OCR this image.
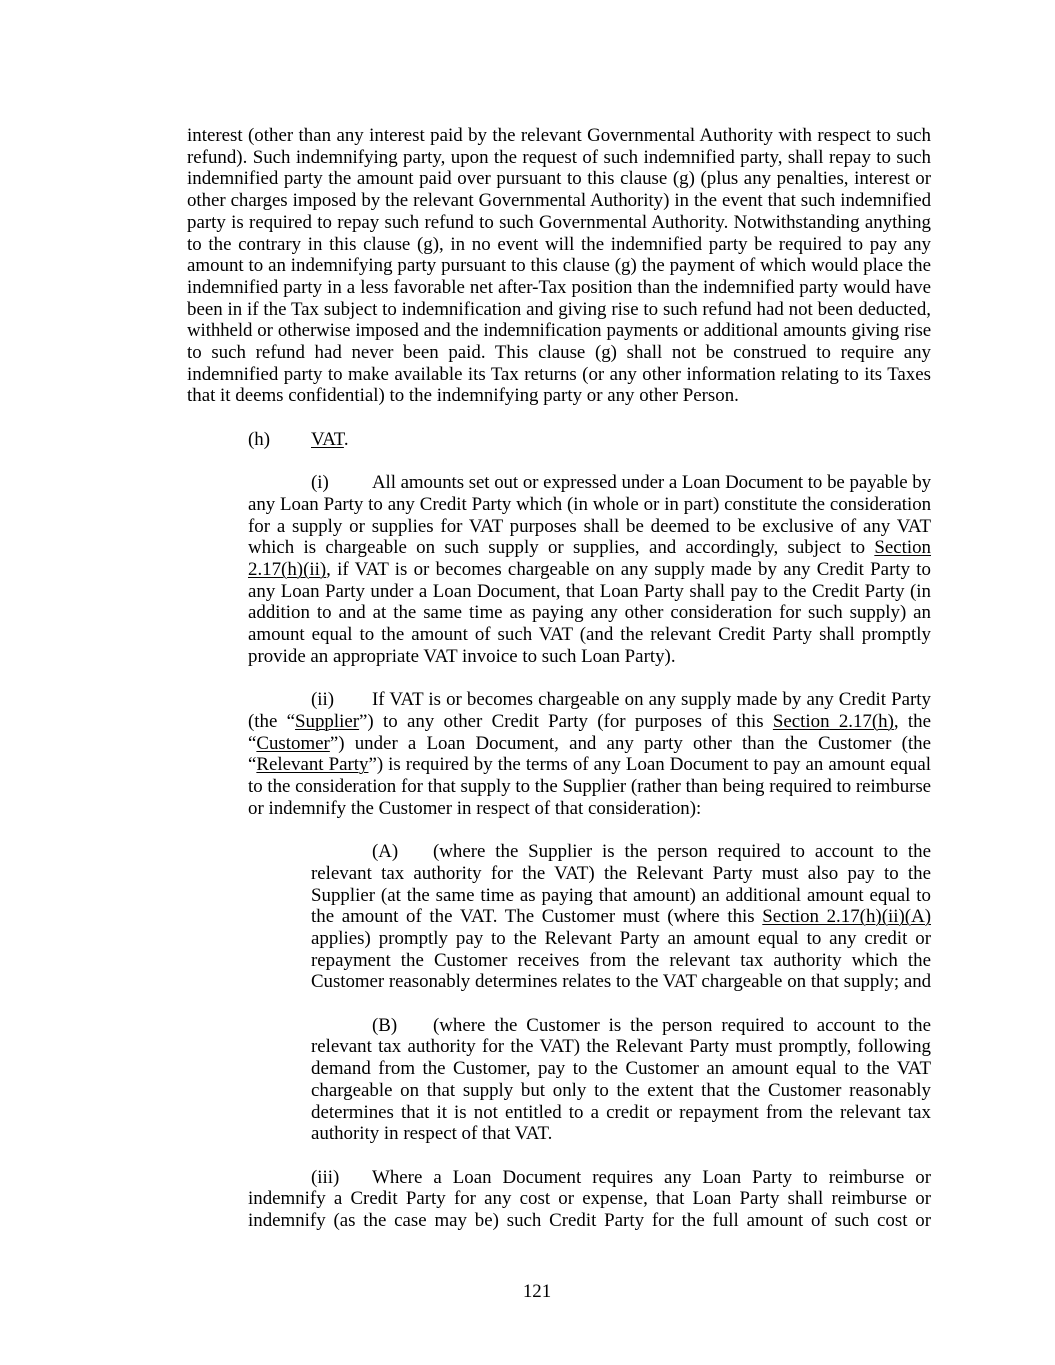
interest (other than any interest paid by the relevant Governmental Authority with respect to such
refund). Such indemnifying party, upon the request of such indemnified party, shall repay to such
indemnified party the amount paid over pursuant to this clause (g) (plus any penalties, interest or
other charges imposed by the relevant Governmental Authority) in the event that such indemnified
party is required to repay such refund to such Governmental Authority. Notwithstanding anything
to the contrary in this clause (g), in no event will the indemnified party be required to pay any
amount to an indemnifying party pursuant to this clause (g) the payment of which would place the
indemnified party in a less favorable net after-Tax position than the indemnified party would have
been in if the Tax subject to indemnification and giving rise to such refund had not been deducted,
withheld or otherwise imposed and the indemnification payments or additional amounts giving rise
to such refund had never been paid. This clause (g) shall not be construed to require any
indemnified party to make available its Tax returns (or any other information relating to its Taxes
that it deems confidential) to the indemnifying party or any other Person.
(h)	VAT.
(i)	All amounts set out or expressed under a Loan Document to be payable by
any Loan Party to any Credit Party which (in whole or in part) constitute the consideration
for a supply or supplies for VAT purposes shall be deemed to be exclusive of any VAT
which is chargeable on such supply or supplies, and accordingly, subject to Section
2.17(h)(ii), if VAT is or becomes chargeable on any supply made by any Credit Party to
any Loan Party under a Loan Document, that Loan Party shall pay to the Credit Party (in
addition to and at the same time as paying any other consideration for such supply) an
amount equal to the amount of such VAT (and the relevant Credit Party shall promptly
provide an appropriate VAT invoice to such Loan Party).
(ii)	If VAT is or becomes chargeable on any supply made by any Credit Party
(the “Supplier”) to any other Credit Party (for purposes of this Section 2.17(h), the
“Customer”) under a Loan Document, and any party other than the Customer (the
“Relevant Party”) is required by the terms of any Loan Document to pay an amount equal
to the consideration for that supply to the Supplier (rather than being required to reimburse
or indemnify the Customer in respect of that consideration):
(A)	(where the Supplier is the person required to account to the
relevant tax authority for the VAT) the Relevant Party must also pay to the
Supplier (at the same time as paying that amount) an additional amount equal to
the amount of the VAT. The Customer must (where this Section 2.17(h)(ii)(A)
applies) promptly pay to the Relevant Party an amount equal to any credit or
repayment the Customer receives from the relevant tax authority which the
Customer reasonably determines relates to the VAT chargeable on that supply; and
(B)	(where the Customer is the person required to account to the
relevant tax authority for the VAT) the Relevant Party must promptly, following
demand from the Customer, pay to the Customer an amount equal to the VAT
chargeable on that supply but only to the extent that the Customer reasonably
determines that it is not entitled to a credit or repayment from the relevant tax
authority in respect of that VAT.
(iii)	Where a Loan Document requires any Loan Party to reimburse or
indemnify a Credit Party for any cost or expense, that Loan Party shall reimburse or
indemnify (as the case may be) such Credit Party for the full amount of such cost or
121
